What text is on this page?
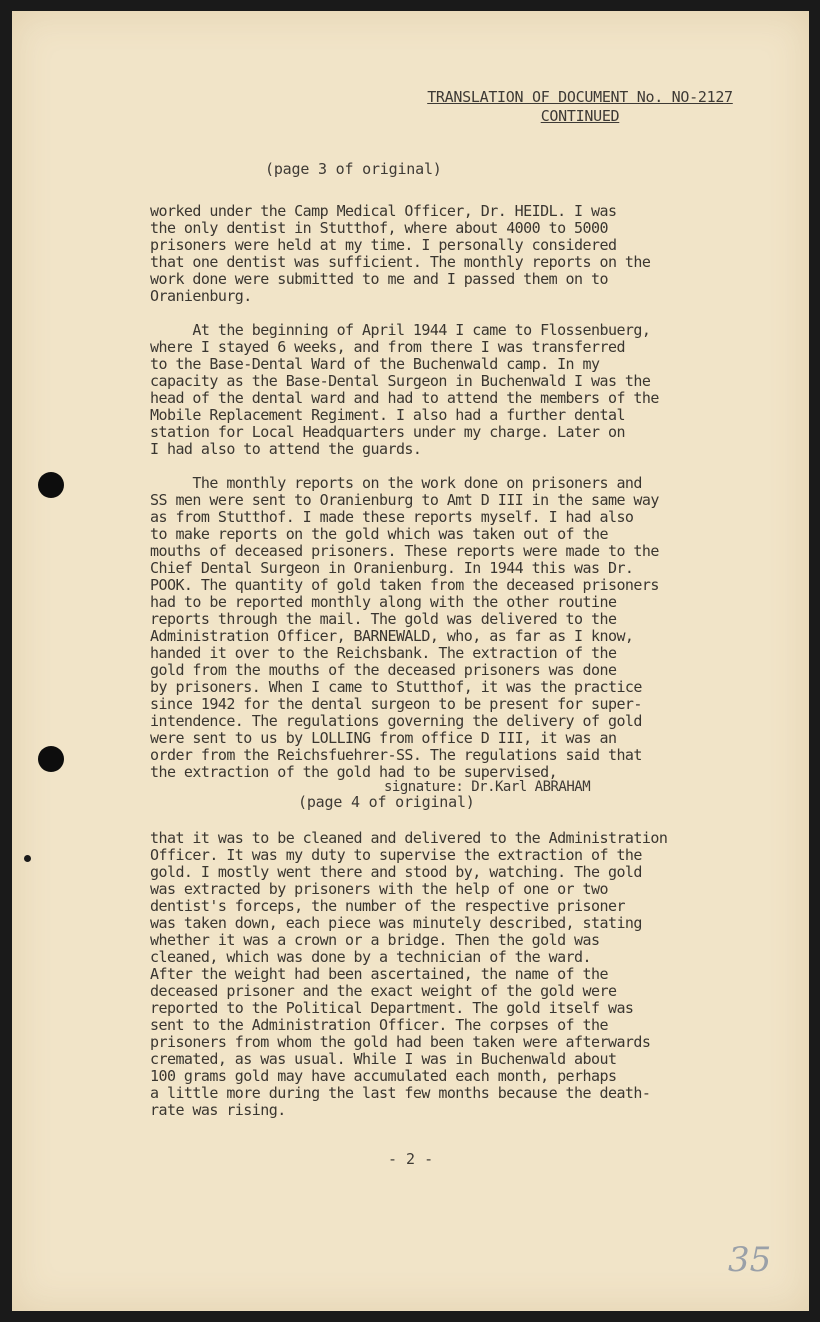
TRANSLATION OF DOCUMENT No. NO-2127
CONTINUED
(page 3 of original)
worked under the Camp Medical Officer, Dr. HEIDL. I was
the only dentist in Stutthof, where about 4000 to 5000
prisoners were held at my time. I personally considered
that one dentist was sufficient. The monthly reports on the
work done were submitted to me and I passed them on to
Oranienburg.
At the beginning of April 1944 I came to Flossenbuerg,
where I stayed 6 weeks, and from there I was transferred
to the Base-Dental Ward of the Buchenwald camp. In my
capacity as the Base-Dental Surgeon in Buchenwald I was the
head of the dental ward and had to attend the members of the
Mobile Replacement Regiment. I also had a further dental
station for Local Headquarters under my charge. Later on
I had also to attend the guards.
The monthly reports on the work done on prisoners and
SS men were sent to Oranienburg to Amt D III in the same way
as from Stutthof. I made these reports myself. I had also
to make reports on the gold which was taken out of the
mouths of deceased prisoners. These reports were made to the
Chief Dental Surgeon in Oranienburg. In 1944 this was Dr.
POOK. The quantity of gold taken from the deceased prisoners
had to be reported monthly along with the other routine
reports through the mail. The gold was delivered to the
Administration Officer, BARNEWALD, who, as far as I know,
handed it over to the Reichsbank. The extraction of the
gold from the mouths of the deceased prisoners was done
by prisoners. When I came to Stutthof, it was the practice
since 1942 for the dental surgeon to be present for super-
intendence. The regulations governing the delivery of gold
were sent to us by LOLLING from office D III, it was an
order from the Reichsfuehrer-SS. The regulations said that
the extraction of the gold had to be supervised,
signature: Dr.Karl ABRAHAM
(page 4 of original)
that it was to be cleaned and delivered to the Administration
Officer. It was my duty to supervise the extraction of the
gold. I mostly went there and stood by, watching. The gold
was extracted by prisoners with the help of one or two
dentist's forceps, the number of the respective prisoner
was taken down, each piece was minutely described, stating
whether it was a crown or a bridge. Then the gold was
cleaned, which was done by a technician of the ward.
After the weight had been ascertained, the name of the
deceased prisoner and the exact weight of the gold were
reported to the Political Department. The gold itself was
sent to the Administration Officer. The corpses of the
prisoners from whom the gold had been taken were afterwards
cremated, as was usual. While I was in Buchenwald about
100 grams gold may have accumulated each month, perhaps
a little more during the last few months because the death-
rate was rising.
- 2 -
35
